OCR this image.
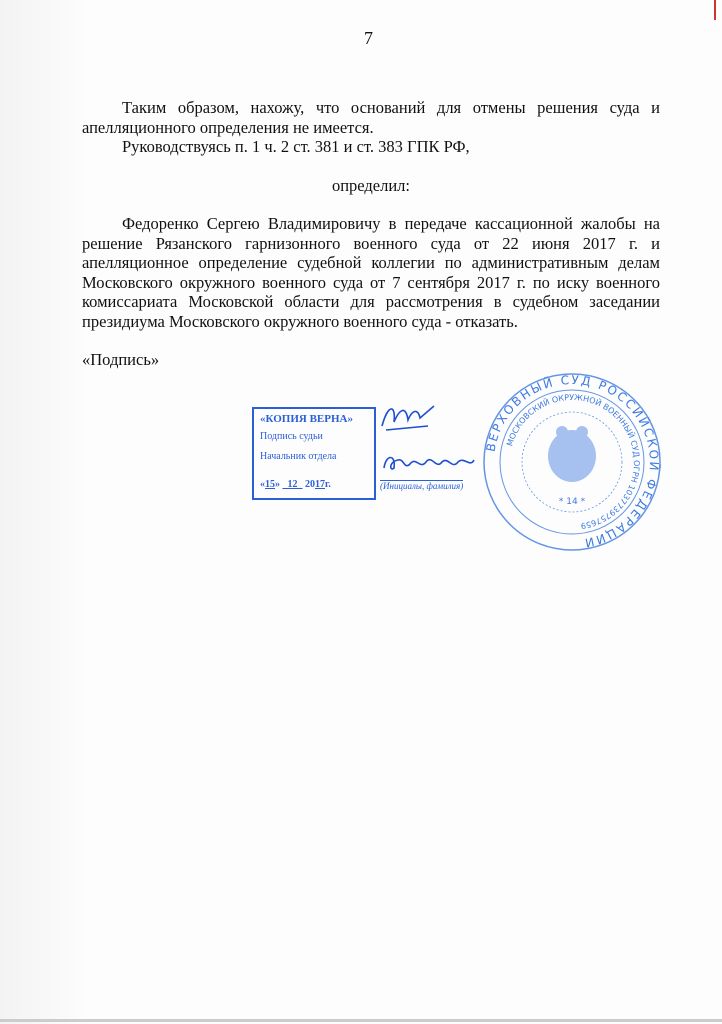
7

Таким образом, нахожу, что оснований для отмены решения суда и апелляционного определения не имеется.

Руководствуясь п. 1 ч. 2 ст. 381 и ст. 383 ГПК РФ,

определил:

Федоренко Сергею Владимировичу в передаче кассационной жалобы на решение Рязанского гарнизонного военного суда от 22 июня 2017 г. и апелляционное определение судебной коллегии по административным делам Московского окружного военного суда от 7 сентября 2017 г. по иску военного комиссариата Московской области для рассмотрения в судебном заседании президиума Московского окружного военного суда - отказать.

«Подпись»
ВЕРХОВНЫЙ СУД РОССИЙСКОЙ ФЕДЕРАЦИИ
МОСКОВСКИЙ ОКРУЖНОЙ ВОЕННЫЙ СУД ОГРН 1037739757659
* 14 *
«КОПИЯ ВЕРНА»
Подпись судьи
Начальник отдела
«15»   12 2017г.	(Инициалы, фамилия)
